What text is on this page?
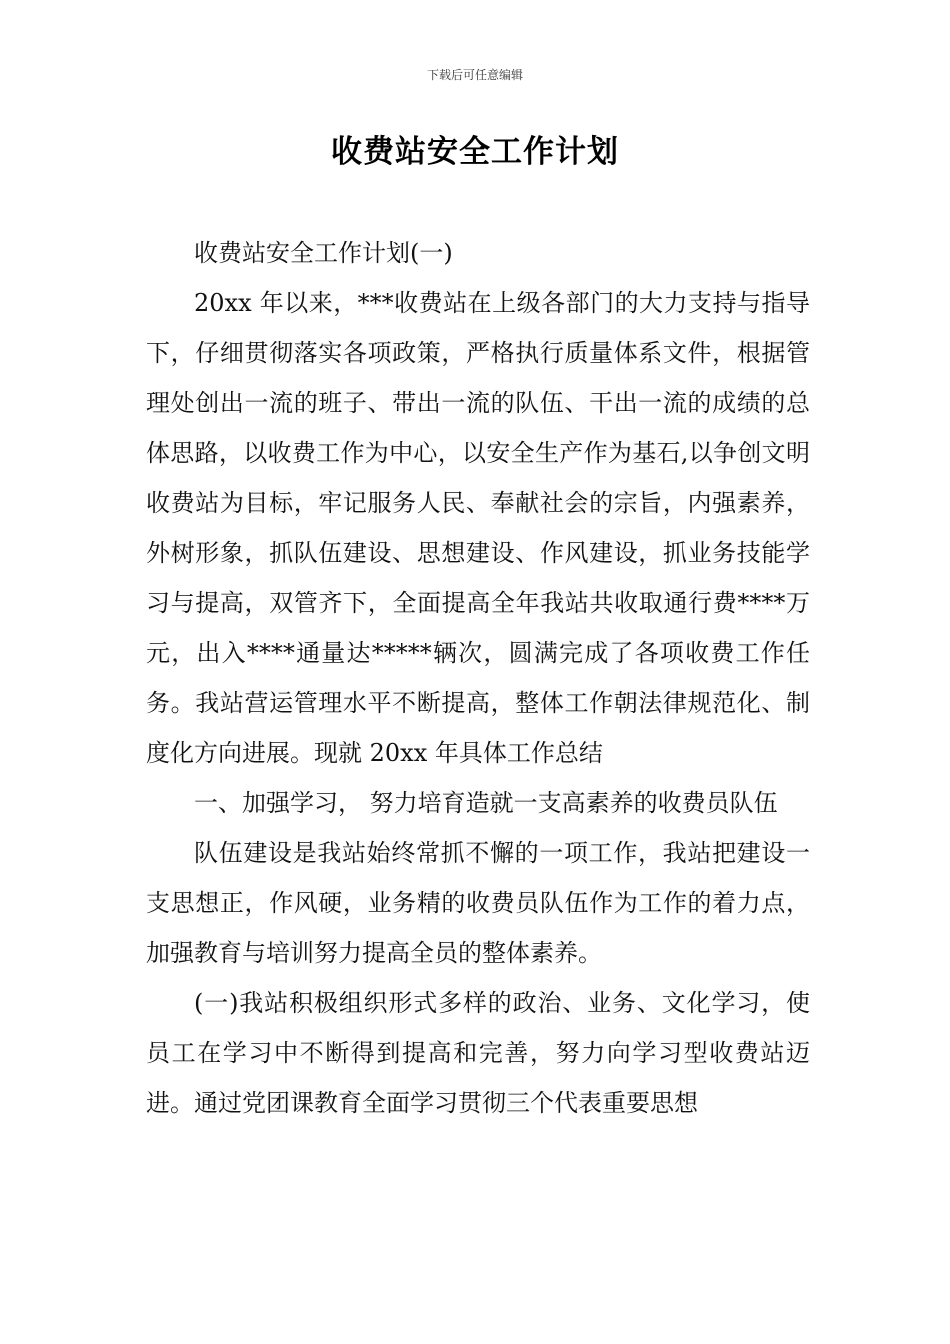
下载后可任意编辑
收费站安全工作计划

收费站安全工作计划(一)

20xx 年以来，***收费站在上级各部门的大力支持与指导下，仔细贯彻落实各项政策，严格执行质量体系文件，根据管理处创出一流的班子、带出一流的队伍、干出一流的成绩的总体思路，以收费工作为中心，以安全生产作为基石,以争创文明收费站为目标，牢记服务人民、奉献社会的宗旨，内强素养，外树形象，抓队伍建设、思想建设、作风建设，抓业务技能学习与提高，双管齐下，全面提高全年我站共收取通行费****万元，出入****通量达*****辆次，圆满完成了各项收费工作任务。我站营运管理水平不断提高，整体工作朝法律规范化、制度化方向进展。现就 20xx 年具体工作总结

一、加强学习， 努力培育造就一支高素养的收费员队伍

队伍建设是我站始终常抓不懈的一项工作，我站把建设一支思想正，作风硬，业务精的收费员队伍作为工作的着力点，加强教育与培训努力提高全员的整体素养。

(一)我站积极组织形式多样的政治、业务、文化学习，使员工在学习中不断得到提高和完善，努力向学习型收费站迈进。通过党团课教育全面学习贯彻三个代表重要思想
